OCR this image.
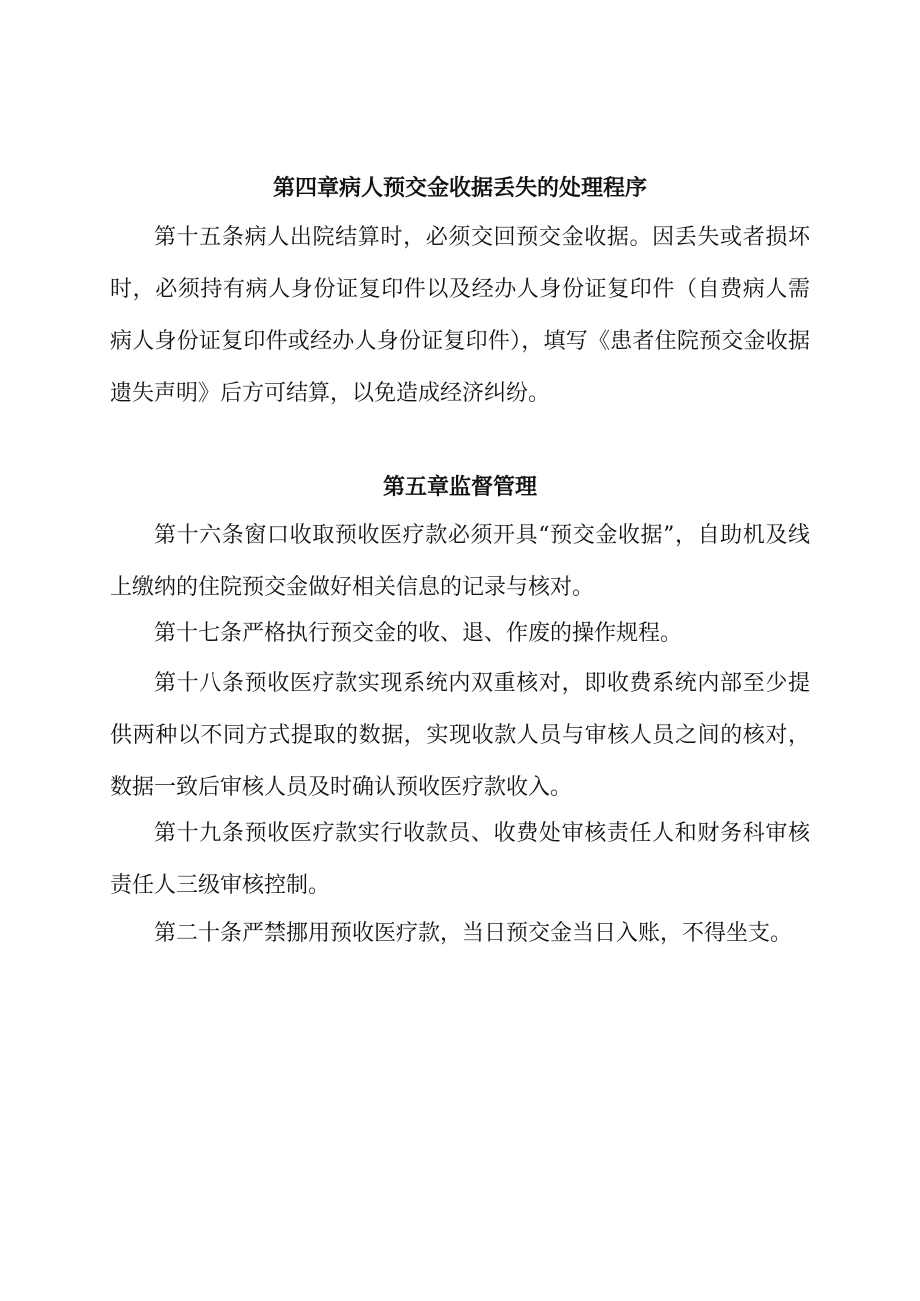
第四章病人预交金收据丢失的处理程序

第十五条病人出院结算时，必须交回预交金收据。因丢失或者损坏时，必须持有病人身份证复印件以及经办人身份证复印件（自费病人需病人身份证复印件或经办人身份证复印件），填写《患者住院预交金收据遗失声明》后方可结算，以免造成经济纠纷。

第五章监督管理

第十六条窗口收取预收医疗款必须开具“预交金收据”，自助机及线上缴纳的住院预交金做好相关信息的记录与核对。

第十七条严格执行预交金的收、退、作废的操作规程。

第十八条预收医疗款实现系统内双重核对，即收费系统内部至少提供两种以不同方式提取的数据，实现收款人员与审核人员之间的核对，数据一致后审核人员及时确认预收医疗款收入。

第十九条预收医疗款实行收款员、收费处审核责任人和财务科审核责任人三级审核控制。

第二十条严禁挪用预收医疗款，当日预交金当日入账，不得坐支。
